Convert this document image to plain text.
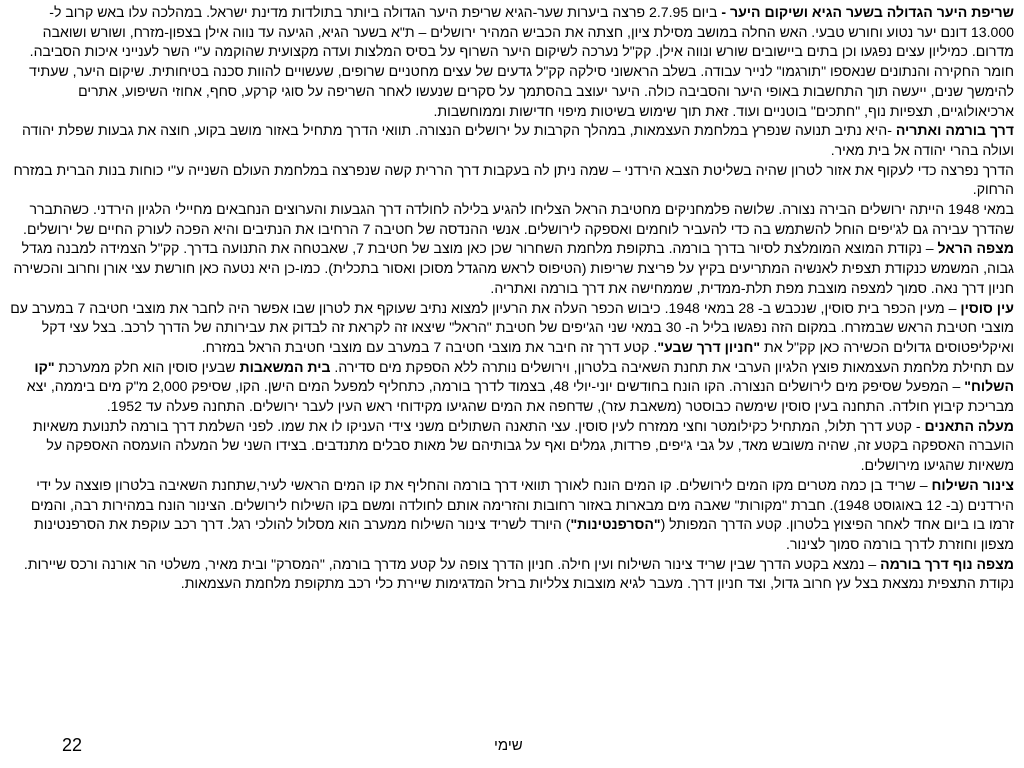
שריפת היער הגדולה בשער הגיא ושיקום היער - ביום 2.7.95 פרצה ביערות שער-הגיא שריפת היער הגדולה ביותר בתולדות מדינת ישראל. במהלכה עלו באש קרוב ל- 13.000 דונם יער נטוע וחורש טבעי. האש החלה במושב מסילת ציון, חצתה את הכביש המהיר ירושלים – ת"א בשער הגיא, הגיעה עד נווה אילן בצפון-מזרח, ושורש ושואבה מדרום. כמיליון עצים נפגעו וכן בתים ביישובים שורש ונווה אילן. קק"ל נערכה לשיקום היער השרוף על בסיס המלצות ועדה מקצועית שהוקמה ע"י השר לענייני איכות הסביבה. חומר החקירה והנתונים שנאספו "תורגמו" לנייר עבודה. בשלב הראשוני סילקה קק"ל גדעים של עצים מחטניים שרופים, שעשויים להוות סכנה בטיחותית. שיקום היער, שעתיד להימשך שנים, ייעשה תוך התחשבות באופי היער והסביבה כולה. היער יעוצב בהסתמך על סקרים שנעשו לאחר השריפה על סוגי קרקע, סחף, אחוזי השיפוע, אתרים ארכיאולוגיים, תצפיות נוף, "חתכים" בוטניים ועוד. זאת תוך שימוש בשיטות מיפוי חדישות וממוחשבות.

דרך בורמה ואתריה -היא נתיב תנועה שנפרץ במלחמת העצמאות, במהלך הקרבות על ירושלים הנצורה. תוואי הדרך מתחיל באזור מושב בקוע, חוצה את גבעות שפלת יהודה ועולה בהרי יהודה אל בית מאיר.

הדרך נפרצה כדי לעקוף את אזור לטרון שהיה בשליטת הצבא הירדני – שמה ניתן לה בעקבות דרך הררית קשה שנפרצה במלחמת העולם השנייה ע"י כוחות בנות הברית במזרח הרחוק.

במאי 1948 הייתה ירושלים הבירה נצורה. שלושה פלמחניקים מחטיבת הראל הצליחו להגיע בלילה לחולדה דרך הגבעות והערוצים הנחבאים מחיילי הלגיון הירדני. כשהתברר שהדרך עבירה גם לג'יפים הוחל להשתמש בה כדי להעביר לוחמים ואספקה לירושלים. אנשי ההנדסה של חטיבה 7 הרחיבו את הנתיבים והיא הפכה לעורק החיים של ירושלים.

מצפה הראל – נקודת המוצא המומלצת לסיור בדרך בורמה. בתקופת מלחמת השחרור שכן כאן מוצב של חטיבת 7, שאבטחה את התנועה בדרך. קק"ל הצמידה למבנה מגדל גבוה, המשמש כנקודת תצפית לאנשיה המתריעים בקיץ על פריצת שריפות (הטיפוס לראש מהגדל מסוכן ואסור בתכלית). כמו-כן היא נטעה כאן חורשת עצי אורן וחרוב והכשירה חניון דרך נאה. סמוך למצפה מוצבת מפת תלת-ממדית, שממחישה את דרך בורמה ואתריה.

עין סוסין – מעין הכפר בית סוסין, שנכבש ב- 28 במאי 1948. כיבוש הכפר העלה את הרעיון למצוא נתיב שעוקף את לטרון שבו אפשר היה לחבר את מוצבי חטיבה 7 במערב עם מוצבי חטיבת הראש שבמזרח. במקום הזה נפגשו בליל ה- 30 במאי שני הג'יפים של חטיבת "הראל" שיצאו זה לקראת זה לבדוק את עבירותה של הדרך לרכב. בצל עצי דקל ואיקליפטוסים גדולים הכשירה כאן קק"ל את "חניון דרך שבע". קטע דרך זה חיבר את מוצבי חטיבה 7 במערב עם מוצבי חטיבת הראל במזרח.

עם תחילת מלחמת העצמאות פוצץ הלגיון הערבי את תחנת השאיבה בלטרון, וירושלים נותרה ללא הספקת מים סדירה. בית המשאבות שבעין סוסין הוא חלק ממערכת "קו השלוח" – המפעל שסיפק מים לירושלים הנצורה. הקו הונח בחודשים יוני-יולי 48, בצמוד לדרך בורמה, כתחליף למפעל המים הישן. הקו, שסיפק 2,000 מ"ק מים ביממה, יצא מבריכת קיבוץ חולדה. התחנה בעין סוסין שימשה כבוסטר (משאבת עזר), שדחפה את המים שהגיעו מקידוחי ראש העין לעבר ירושלים. התחנה פעלה עד 1952.

מעלה התאנים - קטע דרך תלול, המתחיל כקילומטר וחצי ממזרח לעין סוסין. עצי התאנה השתולים משני צידי העניקו לו את שמו. לפני השלמת דרך בורמה לתנועת משאיות הועברה האספקה בקטע זה, שהיה משובש מאד, על גבי ג'יפים, פרדות, גמלים ואף על גבותיהם של מאות סבלים מתנדבים. בצידו השני של המעלה הועמסה האספקה על משאיות שהגיעו מירושלים.

צינור השילוח – שריד בן כמה מטרים מקו המים לירושלים. קו המים הונח לאורך תוואי דרך בורמה והחליף את קו המים הראשי לעיר,שתחנת השאיבה בלטרון פוצצה על ידי הירדנים (ב- 12 באוגוסט 1948). חברת "מקורות" שאבה מים מבארות באזור רחובות והזרימה אותם לחולדה ומשם בקו השילוח לירושלים. הצינור הונח במהירות רבה, והמים זרמו בו ביום אחד לאחר הפיצוץ בלטרון. קטע הדרך המפותל ("הסרפנטינות") היורד לשריד צינור השילוח ממערב הוא מסלול להולכי רגל. דרך רכב עוקפת את הסרפנטינות מצפון וחוזרת לדרך בורמה סמוך לצינור.

מצפה נוף דרך בורמה – נמצא בקטע הדרך שבין שריד צינור השילוח ועין חילה. חניון הדרך צופה על קטע מדרך בורמה, "המסרק" ובית מאיר, משלטי הר אורנה ורכס שיירות. נקודת התצפית נמצאת בצל עץ חרוב גדול, וצד חניון דרך. מעבר לגיא מוצבות צלליות ברזל המדגימות שיירת כלי רכב מתקופת מלחמת העצמאות.

שימי
22
